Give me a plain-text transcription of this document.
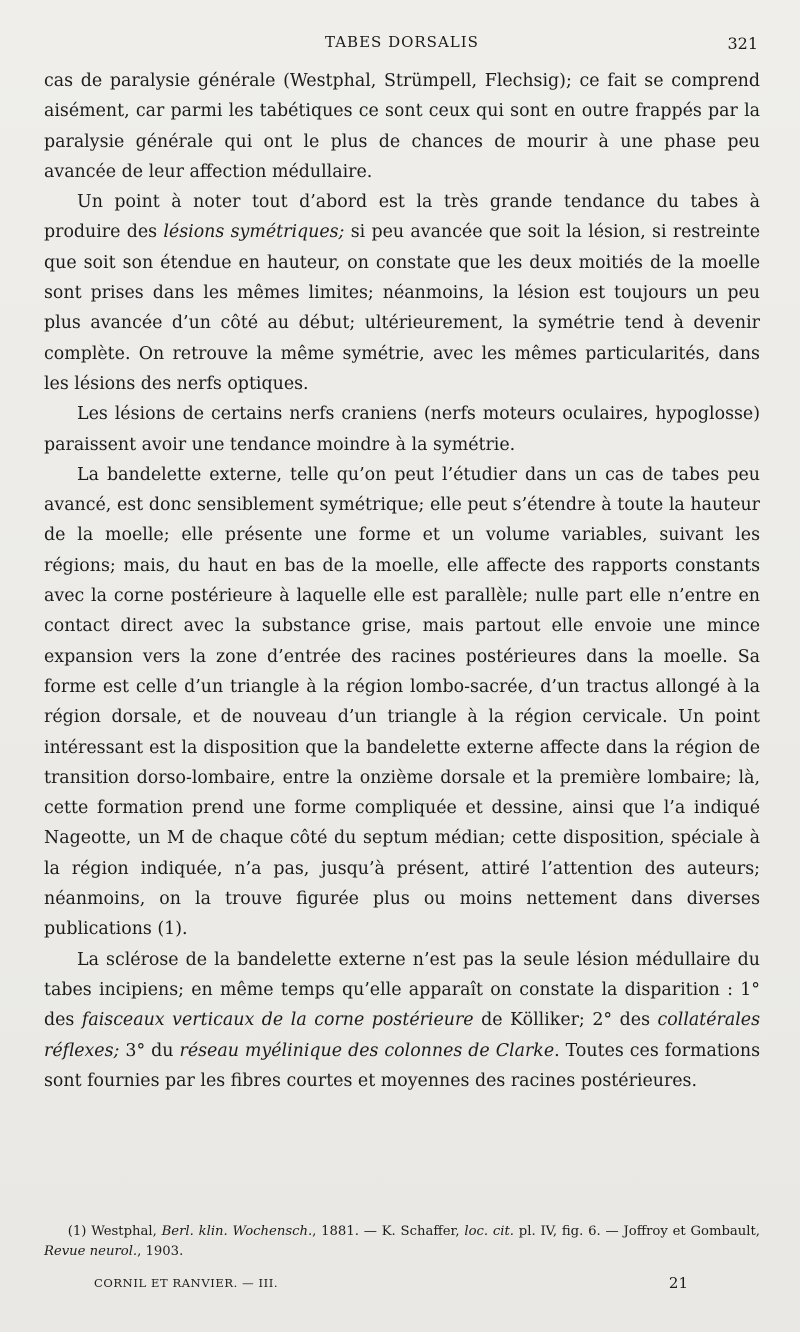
TABES DORSALIS	321

cas de paralysie générale (Westphal, Strümpell, Flechsig); ce fait se comprend aisément, car parmi les tabétiques ce sont ceux qui sont en outre frappés par la paralysie générale qui ont le plus de chances de mourir à une phase peu avancée de leur affection médullaire.

Un point à noter tout d’abord est la très grande tendance du tabes à produire des lésions symétriques; si peu avancée que soit la lésion, si restreinte que soit son étendue en hauteur, on constate que les deux moitiés de la moelle sont prises dans les mêmes limites; néanmoins, la lésion est toujours un peu plus avancée d’un côté au début; ultérieurement, la symétrie tend à devenir complète. On retrouve la même symétrie, avec les mêmes particularités, dans les lésions des nerfs optiques.

Les lésions de certains nerfs craniens (nerfs moteurs oculaires, hypoglosse) paraissent avoir une tendance moindre à la symétrie.

La bandelette externe, telle qu’on peut l’étudier dans un cas de tabes peu avancé, est donc sensiblement symétrique; elle peut s’étendre à toute la hauteur de la moelle; elle présente une forme et un volume variables, suivant les régions; mais, du haut en bas de la moelle, elle affecte des rapports constants avec la corne postérieure à laquelle elle est parallèle; nulle part elle n’entre en contact direct avec la substance grise, mais partout elle envoie une mince expansion vers la zone d’entrée des racines postérieures dans la moelle. Sa forme est celle d’un triangle à la région lombo-sacrée, d’un tractus allongé à la région dorsale, et de nouveau d’un triangle à la région cervicale. Un point intéressant est la disposition que la bandelette externe affecte dans la région de transition dorso-lombaire, entre la onzième dorsale et la première lombaire; là, cette formation prend une forme compliquée et dessine, ainsi que l’a indiqué Nageotte, un M de chaque côté du septum médian; cette disposition, spéciale à la région indiquée, n’a pas, jusqu’à présent, attiré l’attention des auteurs; néanmoins, on la trouve figurée plus ou moins nettement dans diverses publications (1).

La sclérose de la bandelette externe n’est pas la seule lésion médullaire du tabes incipiens; en même temps qu’elle apparaît on constate la disparition : 1° des faisceaux verticaux de la corne postérieure de Kölliker; 2° des collatérales réflexes; 3° du réseau myélinique des colonnes de Clarke. Toutes ces formations sont fournies par les fibres courtes et moyennes des racines postérieures.

(1) Westphal, Berl. klin. Wochensch., 1881. — K. Schaffer, loc. cit. pl. IV, fig. 6. — Joffroy et Gombault, Revue neurol., 1903.

CORNIL ET RANVIER. — III.	21
